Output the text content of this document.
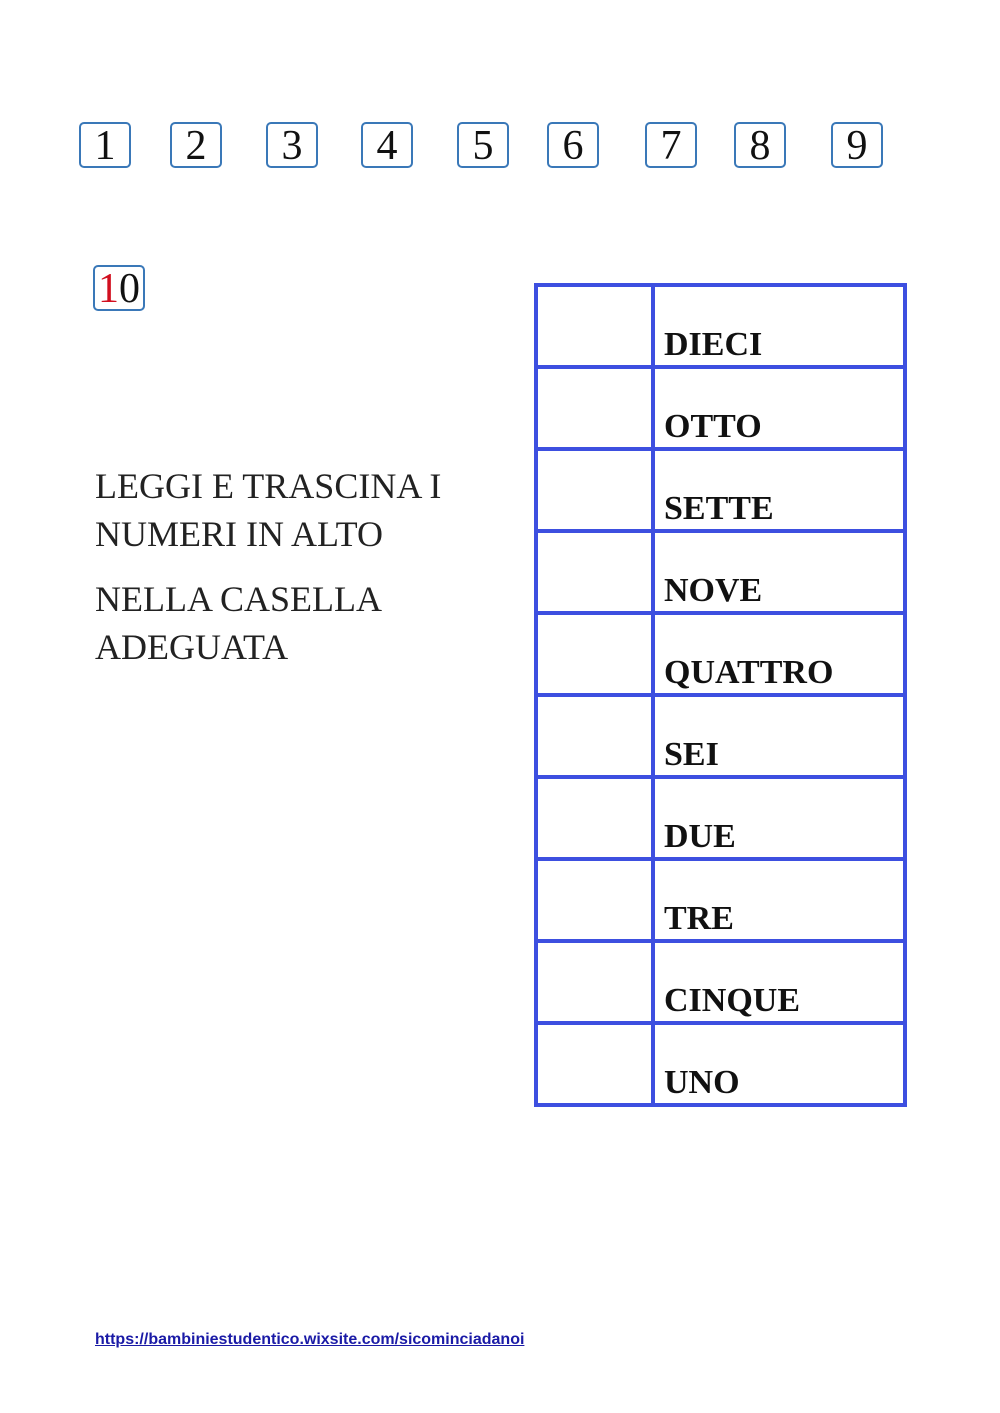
1	2	3	4	5	6	7	8	9
10

LEGGI E TRASCINA I

NUMERI IN ALTO

NELLA CASELLA

ADEGUATA

	DIECI
	OTTO
	SETTE
	NOVE
	QUATTRO
	SEI
	DUE
	TRE
	CINQUE
	UNO
https://bambiniestudentico.wixsite.com/sicominciadanoi
